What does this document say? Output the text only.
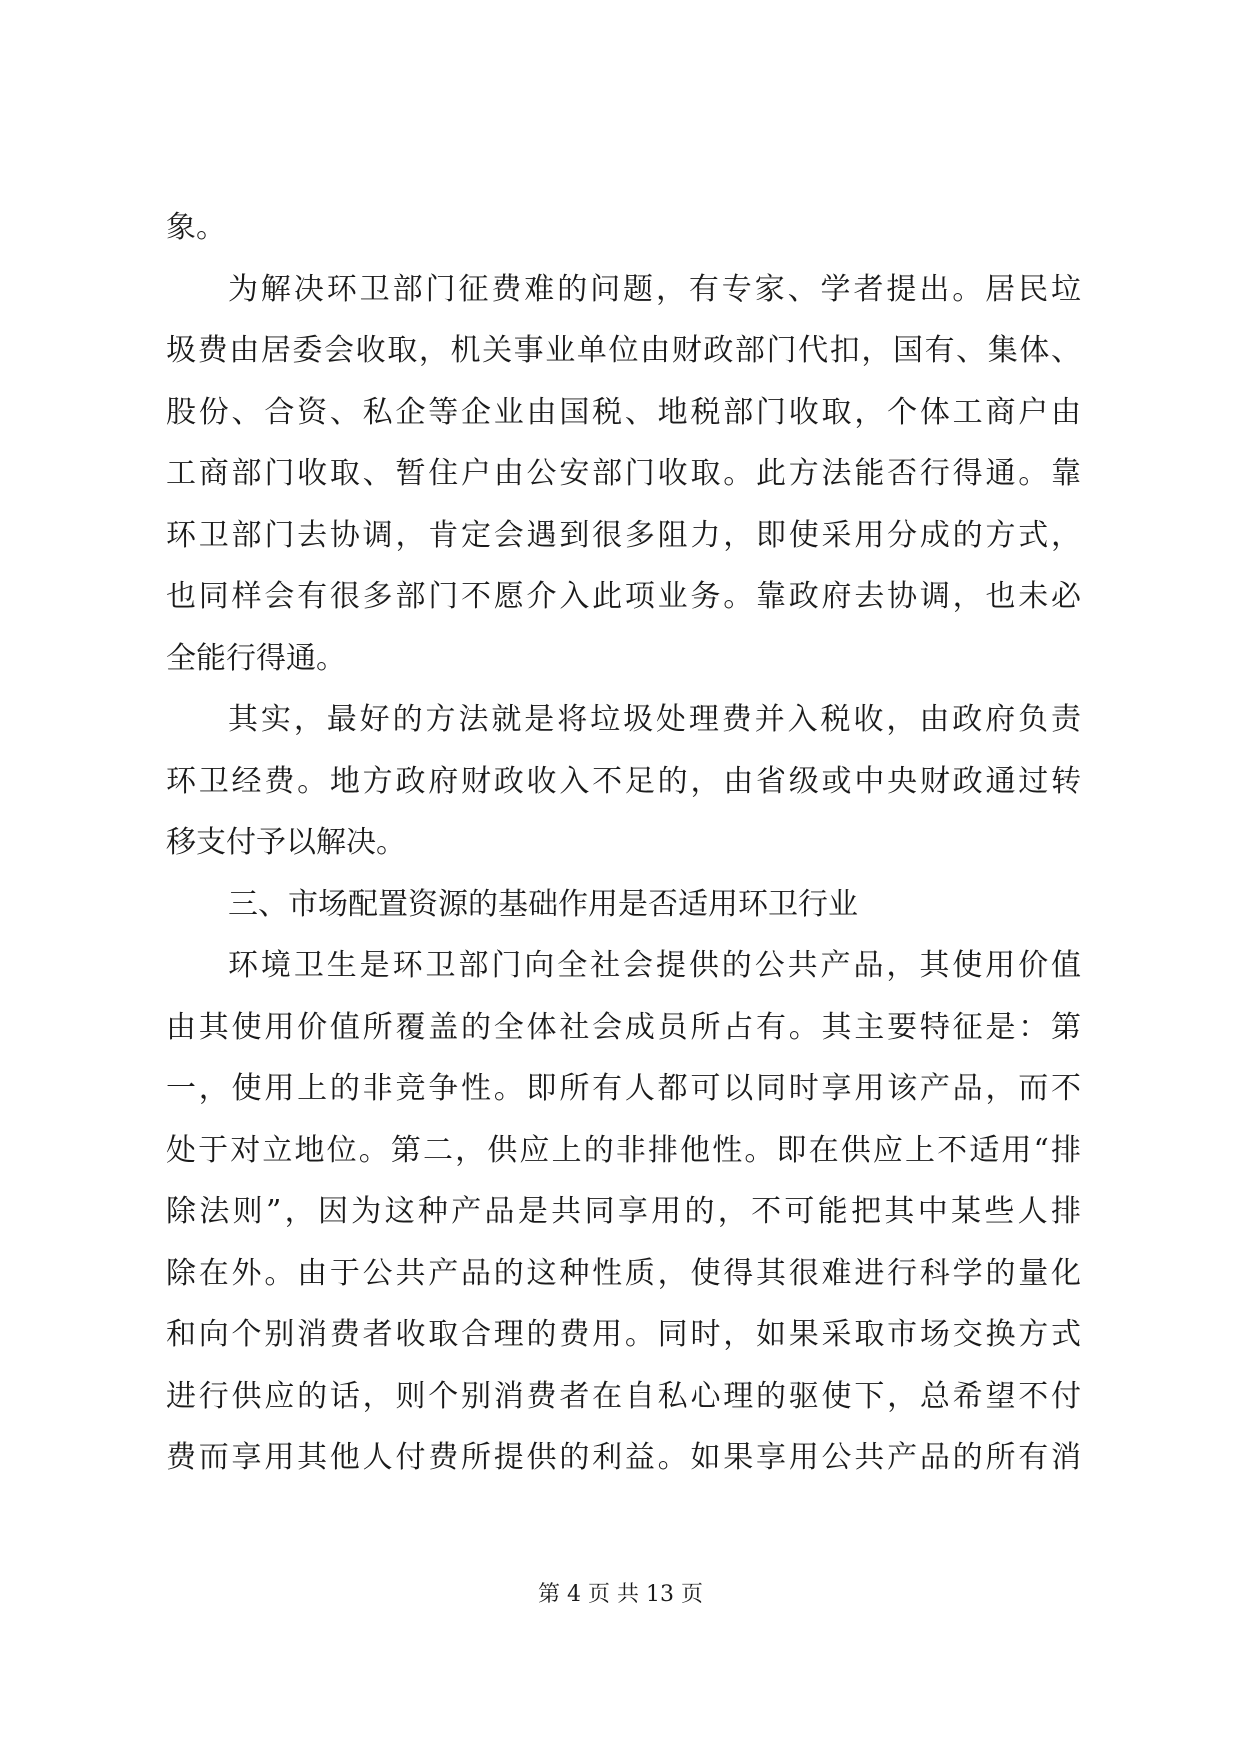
象。
为解决环卫部门征费难的问题，有专家、学者提出。居民垃
圾费由居委会收取，机关事业单位由财政部门代扣，国有、集体、
股份、合资、私企等企业由国税、地税部门收取，个体工商户由
工商部门收取、暂住户由公安部门收取。此方法能否行得通。靠
环卫部门去协调，肯定会遇到很多阻力，即使采用分成的方式，
也同样会有很多部门不愿介入此项业务。靠政府去协调，也未必
全能行得通。
其实，最好的方法就是将垃圾处理费并入税收，由政府负责
环卫经费。地方政府财政收入不足的，由省级或中央财政通过转
移支付予以解决。
三、市场配置资源的基础作用是否适用环卫行业
环境卫生是环卫部门向全社会提供的公共产品，其使用价值
由其使用价值所覆盖的全体社会成员所占有。其主要特征是：第
一，使用上的非竞争性。即所有人都可以同时享用该产品，而不
处于对立地位。第二，供应上的非排他性。即在供应上不适用“排
除法则”，因为这种产品是共同享用的，不可能把其中某些人排
除在外。由于公共产品的这种性质，使得其很难进行科学的量化
和向个别消费者收取合理的费用。同时，如果采取市场交换方式
进行供应的话，则个别消费者在自私心理的驱使下，总希望不付
费而享用其他人付费所提供的利益。如果享用公共产品的所有消
第 4 页 共 13 页
